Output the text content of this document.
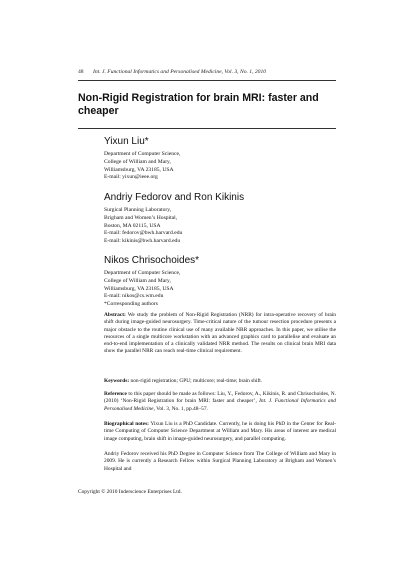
48 Int. J. Functional Informatics and Personalised Medicine, Vol. 3, No. 1, 2010
Non-Rigid Registration for brain MRI: faster and cheaper
Yixun Liu*
Department of Computer Science,
College of William and Mary,
Williamsburg, VA 23185, USA
E-mail: yixun@ieee.org
Andriy Fedorov and Ron Kikinis
Surgical Planning Laboratory,
Brigham and Women’s Hospital,
Boston, MA 02115, USA
E-mail: fedorov@bwh.harvard.edu
E-mail: kikinis@bwh.harvard.edu
Nikos Chrisochoides*
Department of Computer Science,
College of William and Mary,
Williamsburg, VA 23185, USA
E-mail: nikos@cs.wm.edu
*Corresponding authors
Abstract: We study the problem of Non-Rigid Registration (NRR) for intra-operative recovery of brain shift during image-guided neurosurgery. Time-critical nature of the tumour resection procedure presents a major obstacle to the routine clinical use of many available NRR approaches. In this paper, we utilise the resources of a single multicore workstation with an advanced graphics card to parallelise and evaluate an end-to-end implementation of a clinically validated NRR method. The results on clinical brain MRI data show the parallel NRR can reach real-time clinical requirement.
Keywords: non-rigid registration; GPU; multicore; real-time; brain shift.
Reference to this paper should be made as follows: Liu, Y., Fedorov, A., Kikinis, R. and Chrisochoides, N. (2010) ‘Non-Rigid Registration for brain MRI: faster and cheaper’, Int. J. Functional Informatics and Personalised Medicine, Vol. 3, No. 1, pp.48–57.
Biographical notes: Yixun Liu is a PhD Candidate. Currently, he is doing his PhD in the Center for Real-time Computing of Computer Science Department at William and Mary. His areas of interest are medical image computing, brain shift in image-guided neurosurgery, and parallel computing.
Andriy Fedorov received his PhD Degree in Computer Science from The College of William and Mary in 2009. He is currently a Research Fellow within Surgical Planning Laboratory at Brigham and Women’s Hospital and
Copyright © 2010 Inderscience Enterprises Ltd.
